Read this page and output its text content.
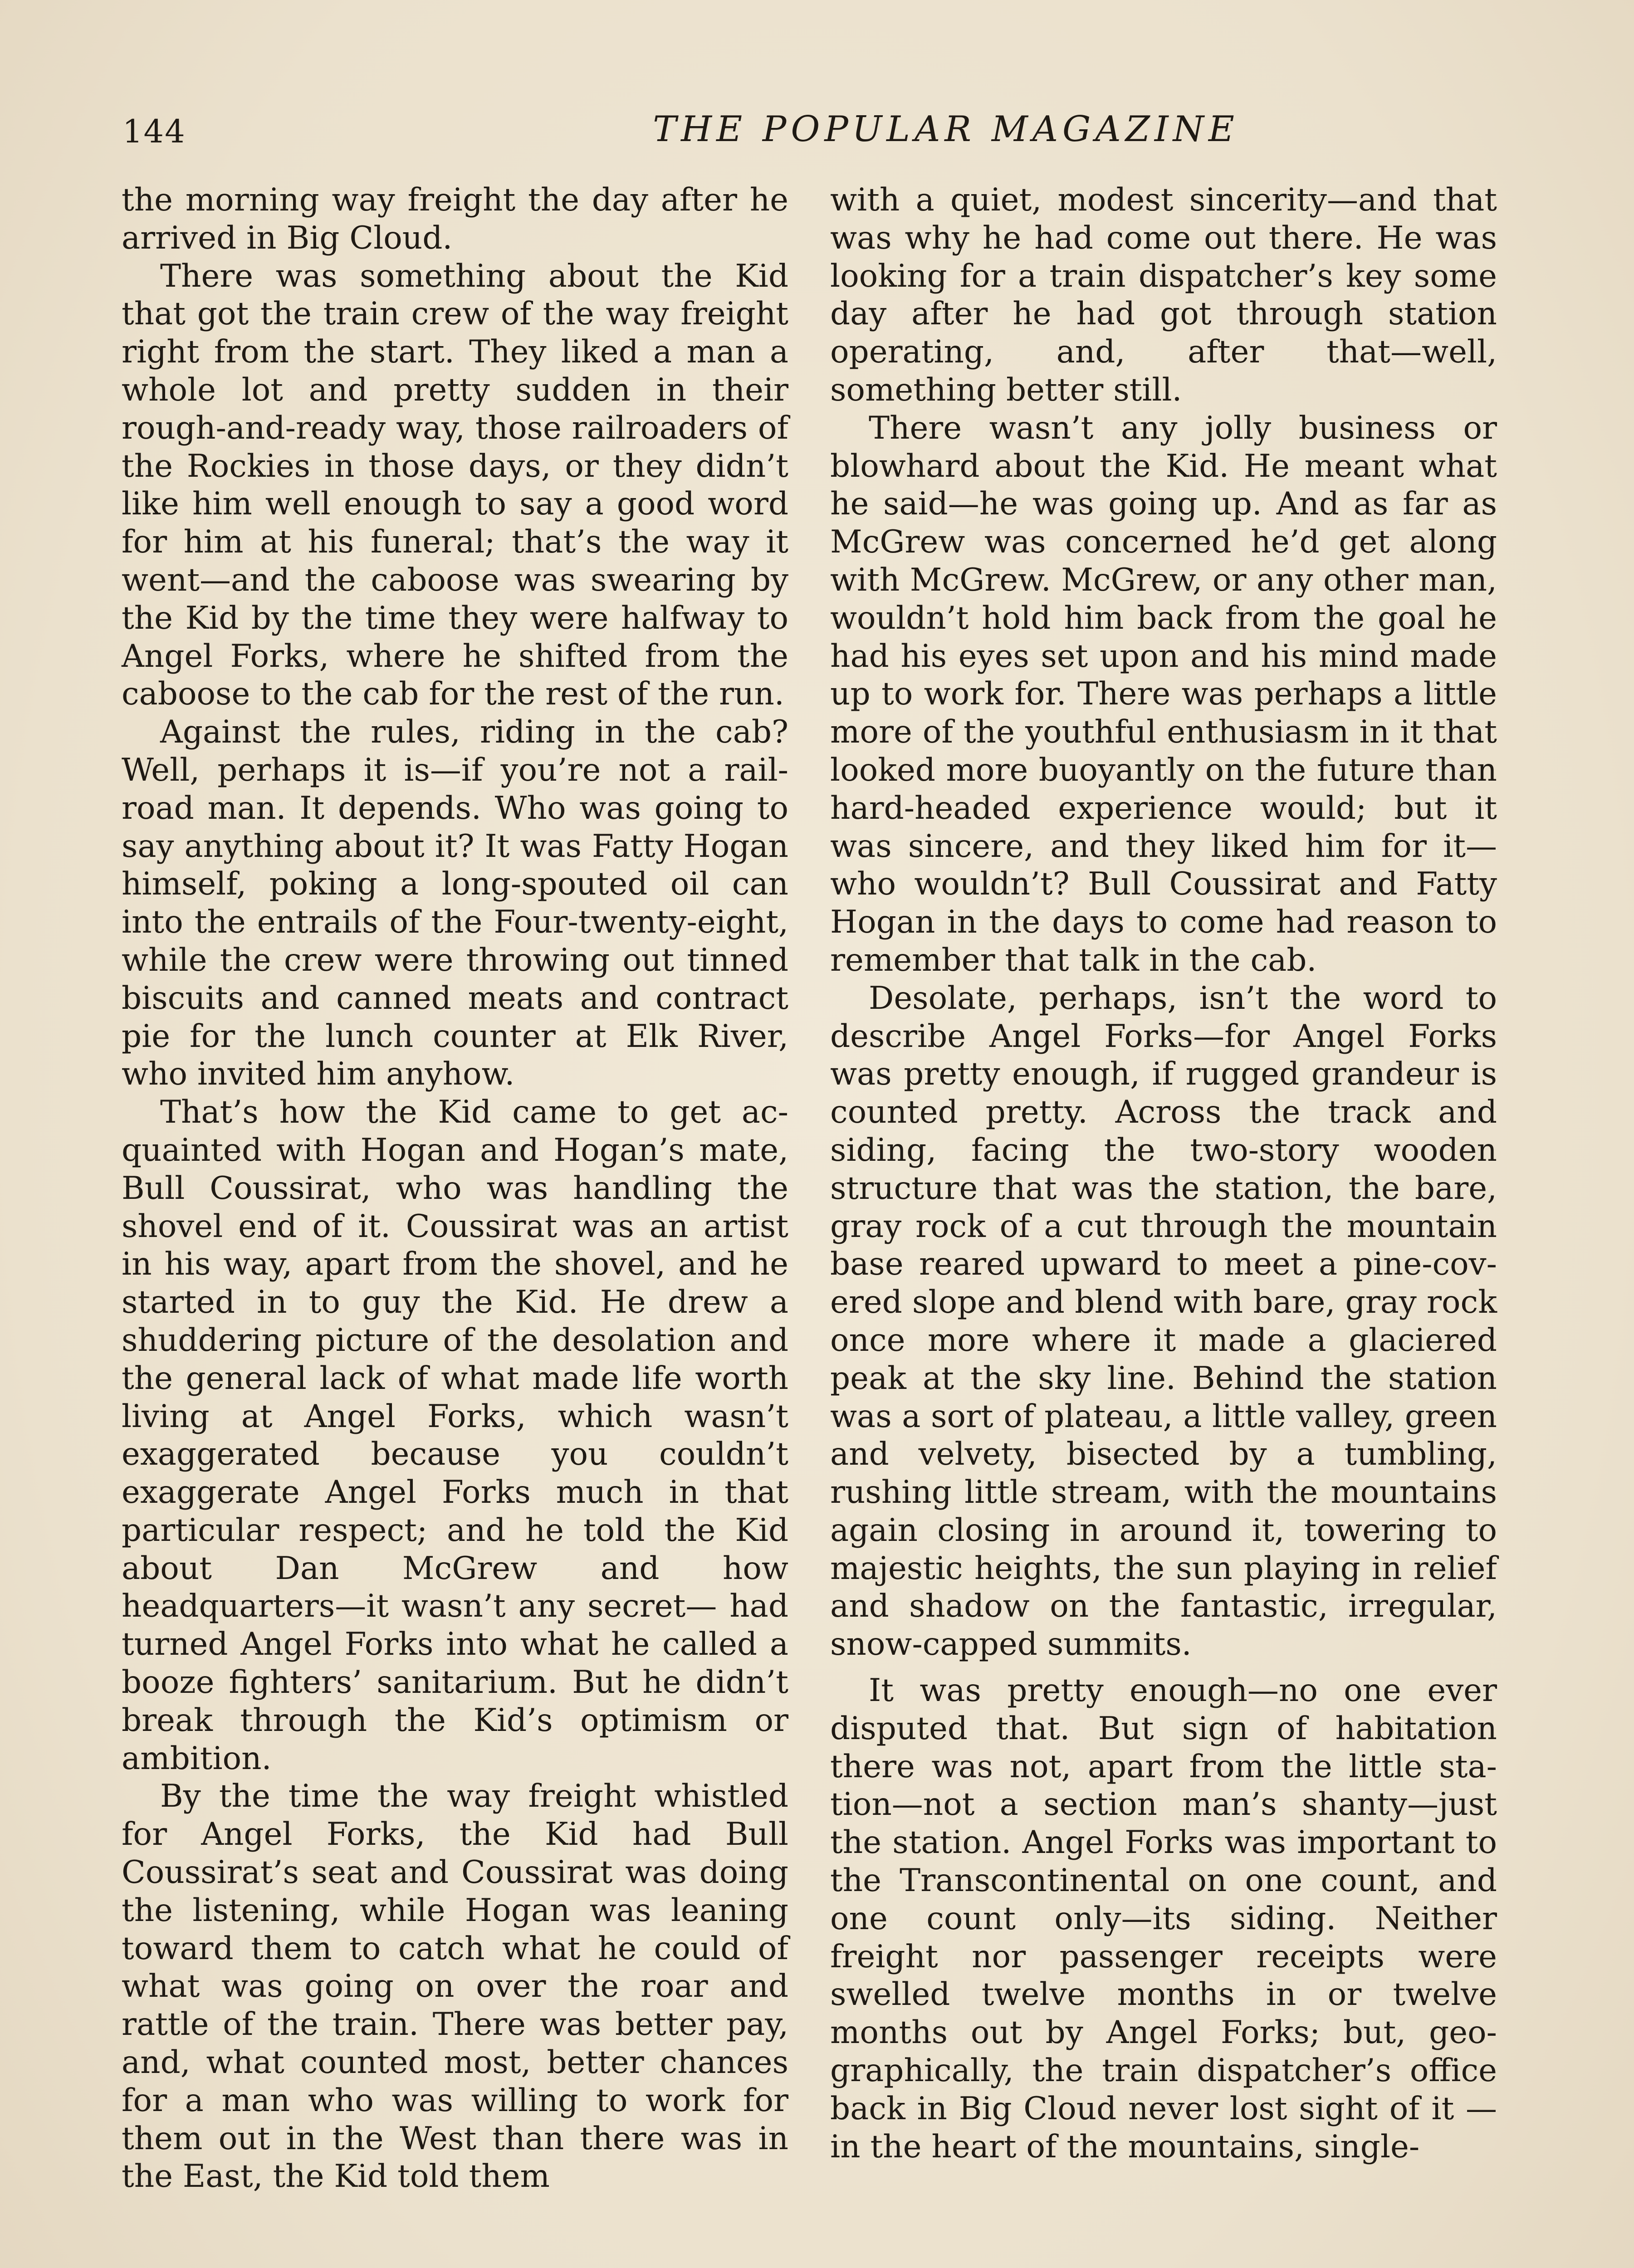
144	THE POPULAR MAGAZINE

the morning way freight the day after he arrived in Big Cloud.

There was something about the Kid that got the train crew of the way freight right from the start. They liked a man a whole lot and pretty sudden in their rough-and-ready way, those railroaders of the Rockies in those days, or they didn’t like him well enough to say a good word for him at his funeral; that’s the way it went—and the caboose was swearing by the Kid by the time they were halfway to Angel Forks, where he shifted from the caboose to the cab for the rest of the run.

Against the rules, riding in the cab? Well, perhaps it is—if you’re not a railroad man. It depends. Who was going to say anything about it? It was Fatty Hogan himself, poking a long-spouted oil can into the entrails of the Four-twenty-eight, while the crew were throwing out tinned biscuits and canned meats and contract pie for the lunch counter at Elk River, who invited him anyhow.

That’s how the Kid came to get acquainted with Hogan and Hogan’s mate, Bull Coussirat, who was handling the shovel end of it. Coussirat was an artist in his way, apart from the shovel, and he started in to guy the Kid. He drew a shuddering picture of the desolation and the general lack of what made life worth living at Angel Forks, which wasn’t exaggerated because you couldn’t exaggerate Angel Forks much in that particular respect; and he told the Kid about Dan McGrew and how headquarters—it wasn’t any secret— had turned Angel Forks into what he called a booze fighters’ sanitarium. But he didn’t break through the Kid’s optimism or ambition.

By the time the way freight whistled for Angel Forks, the Kid had Bull Coussirat’s seat and Coussirat was doing the listening, while Hogan was leaning toward them to catch what he could of what was going on over the roar and rattle of the train. There was better pay, and, what counted most, better chances for a man who was willing to work for them out in the West than there was in the East, the Kid told them

with a quiet, modest sincerity—and that was why he had come out there. He was looking for a train dispatcher’s key some day after he had got through station operating, and, after that—well, something better still.

There wasn’t any jolly business or blowhard about the Kid. He meant what he said—he was going up. And as far as McGrew was concerned he’d get along with McGrew. McGrew, or any other man, wouldn’t hold him back from the goal he had his eyes set upon and his mind made up to work for. There was perhaps a little more of the youthful enthusiasm in it that looked more buoyantly on the future than hard-headed experience would; but it was sincere, and they liked him for it— who wouldn’t? Bull Coussirat and Fatty Hogan in the days to come had reason to remember that talk in the cab.

Desolate, perhaps, isn’t the word to describe Angel Forks—for Angel Forks was pretty enough, if rugged grandeur is counted pretty. Across the track and siding, facing the two-story wooden structure that was the station, the bare, gray rock of a cut through the mountain base reared upward to meet a pine-covered slope and blend with bare, gray rock once more where it made a glaciered peak at the sky line. Behind the station was a sort of plateau, a little valley, green and velvety, bisected by a tumbling, rushing little stream, with the mountains again closing in around it, towering to majestic heights, the sun playing in relief and shadow on the fantastic, irregular, snow-capped summits.

It was pretty enough—no one ever disputed that. But sign of habitation there was not, apart from the little station—not a section man’s shanty—just the station. Angel Forks was important to the Transcontinental on one count, and one count only—its siding. Neither freight nor passenger receipts were swelled twelve months in or twelve months out by Angel Forks; but, geographically, the train dispatcher’s office back in Big Cloud never lost sight of it —in the heart of the mountains, single-
